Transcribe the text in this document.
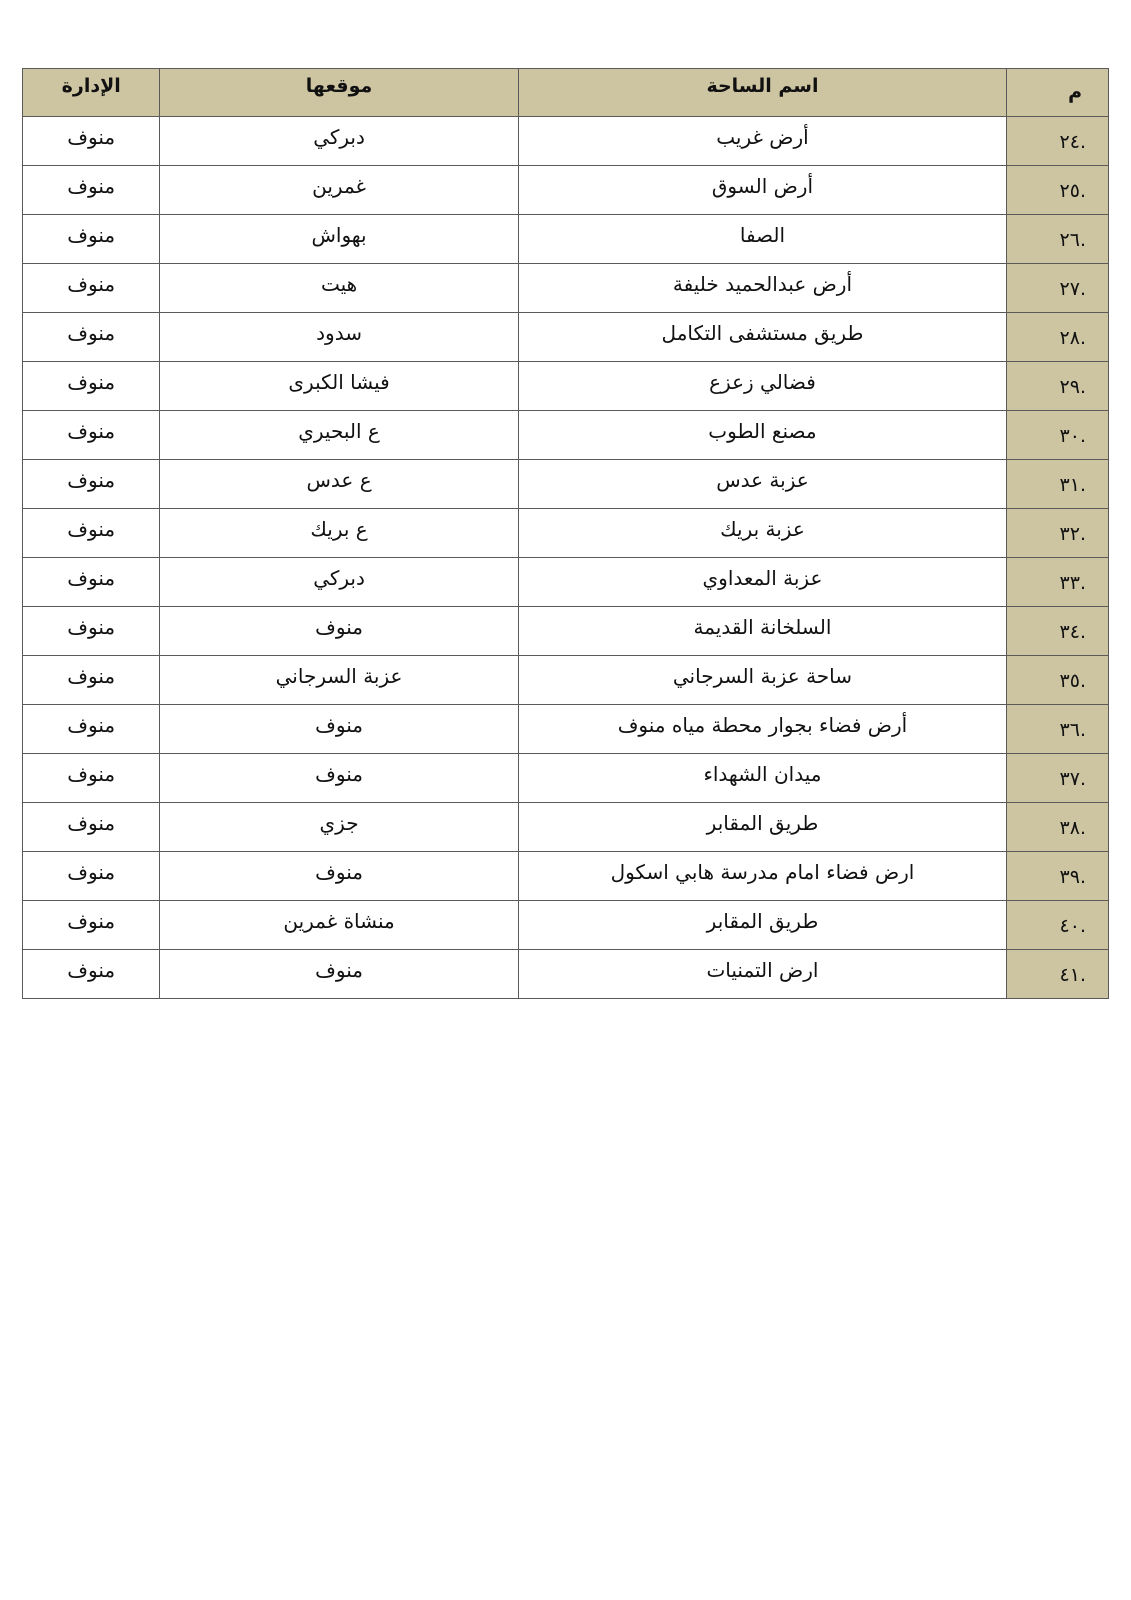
م	اسم الساحة	موقعها	الإدارة
.٢٤	أرض غريب	دبركي	منوف
.٢٥	أرض السوق	غمرين	منوف
.٢٦	الصفا	بهواش	منوف
.٢٧	أرض عبدالحميد خليفة	هيت	منوف
.٢٨	طريق مستشفى التكامل	سدود	منوف
.٢٩	فضالي زعزع	فيشا الكبرى	منوف
.٣٠	مصنع الطوب	ع البحيري	منوف
.٣١	عزبة عدس	ع عدس	منوف
.٣٢	عزبة بريك	ع بريك	منوف
.٣٣	عزبة المعداوي	دبركي	منوف
.٣٤	السلخانة القديمة	منوف	منوف
.٣٥	ساحة عزبة السرجاني	عزبة السرجاني	منوف
.٣٦	أرض فضاء بجوار محطة مياه منوف	منوف	منوف
.٣٧	ميدان الشهداء	منوف	منوف
.٣٨	طريق المقابر	جزي	منوف
.٣٩	ارض فضاء امام مدرسة هابي اسكول	منوف	منوف
.٤٠	طريق المقابر	منشاة غمرين	منوف
.٤١	ارض التمنيات	منوف	منوف
